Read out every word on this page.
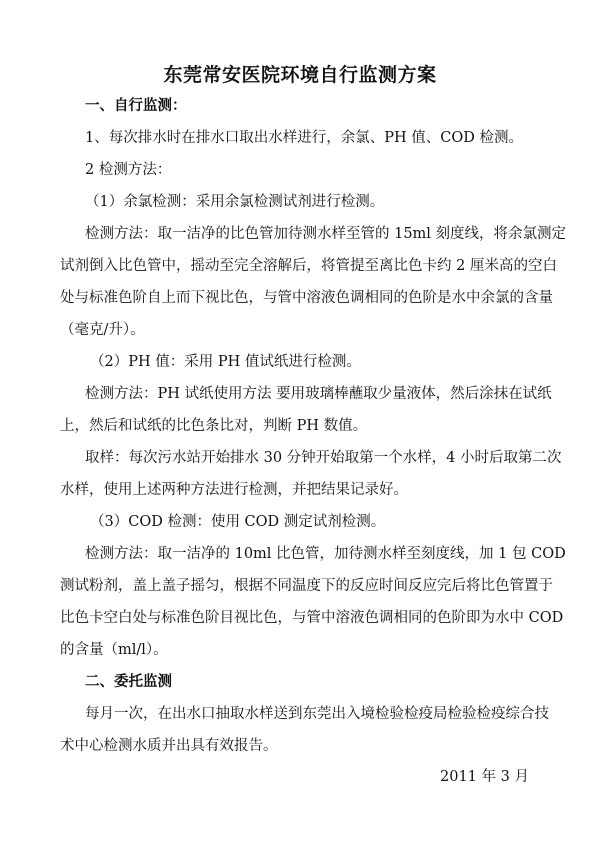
东莞常安医院环境自行监测方案

一、自行监测：

1、每次排水时在排水口取出水样进行，余氯、PH 值、COD 检测。

2 检测方法：

（1）余氯检测：采用余氯检测试剂进行检测。

检测方法：取一洁净的比色管加待测水样至管的 15ml 刻度线，将余氯测定

试剂倒入比色管中，摇动至完全溶解后，将管提至离比色卡约 2 厘米高的空白

处与标准色阶自上而下视比色，与管中溶液色调相同的色阶是水中余氯的含量

（毫克/升）。

（2）PH 值：采用 PH 值试纸进行检测。

检测方法：PH 试纸使用方法 要用玻璃棒蘸取少量液体，然后涂抹在试纸

上，然后和试纸的比色条比对，判断 PH 数值。

取样：每次污水站开始排水 30 分钟开始取第一个水样，4 小时后取第二次

水样，使用上述两种方法进行检测，并把结果记录好。

（3）COD 检测：使用 COD 测定试剂检测。

检测方法：取一洁净的 10ml 比色管，加待测水样至刻度线，加 1 包 COD

测试粉剂，盖上盖子摇匀，根据不同温度下的反应时间反应完后将比色管置于

比色卡空白处与标准色阶目视比色，与管中溶液色调相同的色阶即为水中 COD

的含量（ml/l）。

二、委托监测

每月一次，在出水口抽取水样送到东莞出入境检验检疫局检验检疫综合技

术中心检测水质并出具有效报告。

2011 年 3 月
